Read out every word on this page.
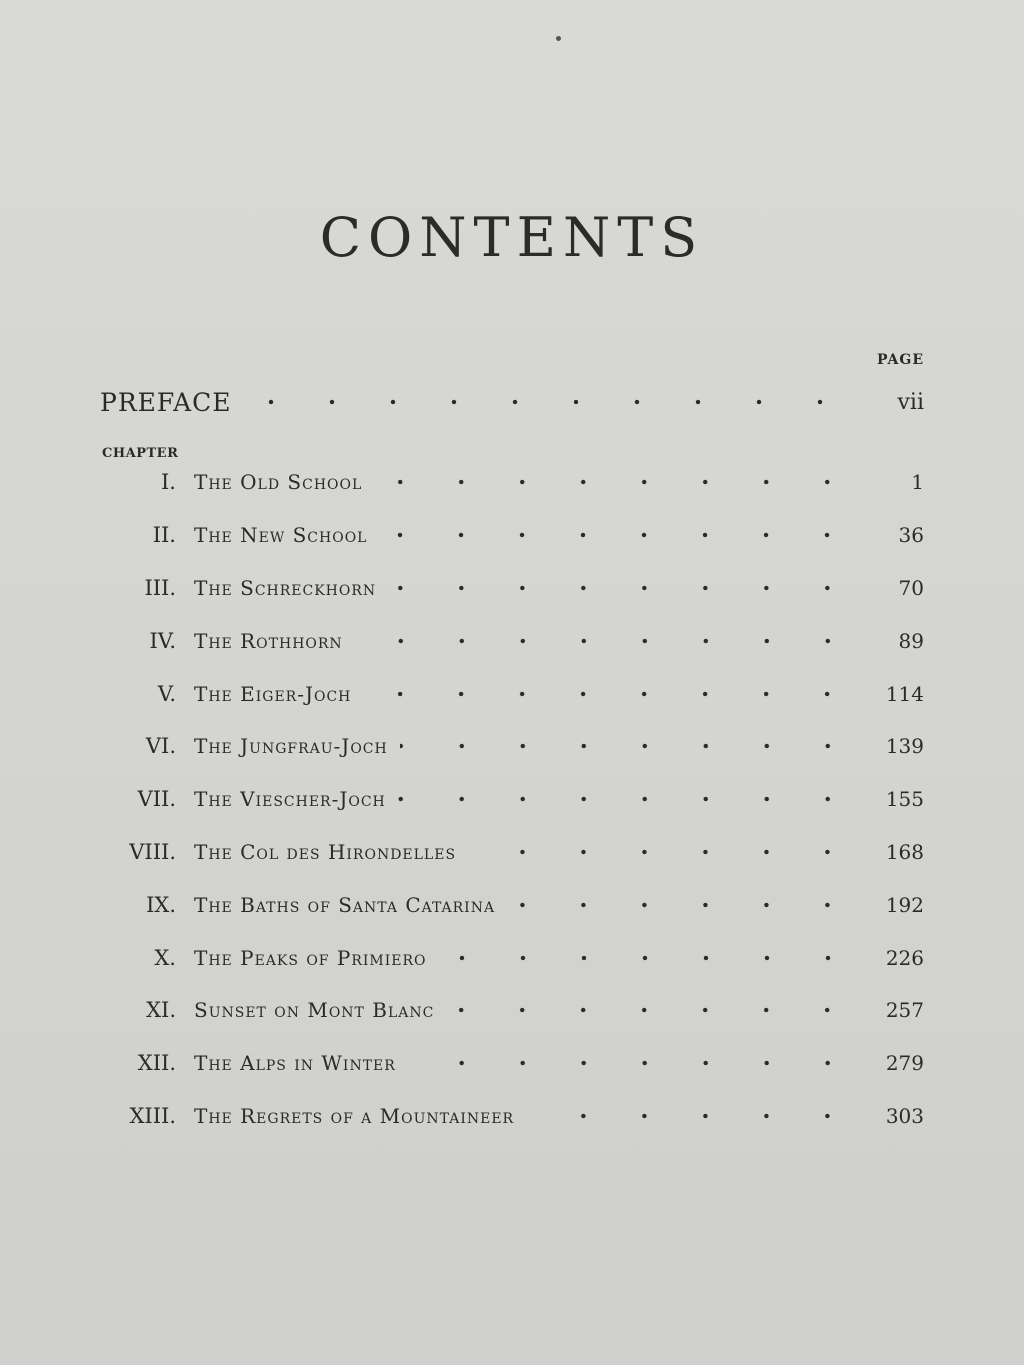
CONTENTS
PAGE
PREFACE	vii
CHAPTER
I. The Old School	1
II. The New School	36
III. The Schreckhorn	70
IV. The Rothhorn	89
V. The Eiger-Joch	114
VI. The Jungfrau-Joch	139
VII. The Viescher-Joch	155
VIII. The Col des Hirondelles	168
IX. The Baths of Santa Catarina	192
X. The Peaks of Primiero	226
XI. Sunset on Mont Blanc	257
XII. The Alps in Winter	279
XIII. The Regrets of a Mountaineer	303
